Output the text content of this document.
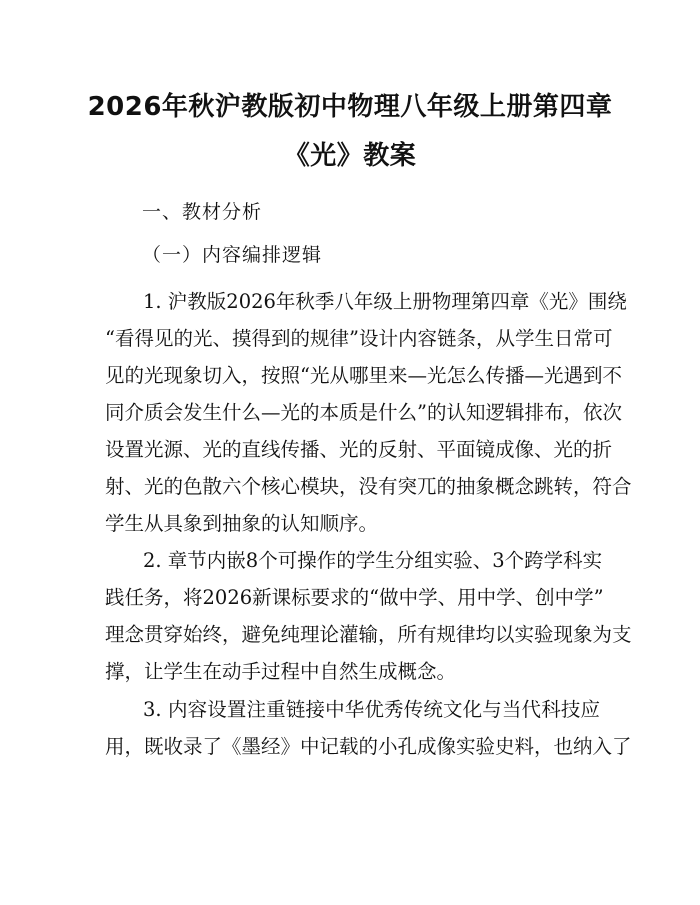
2026年秋沪教版初中物理八年级上册第四章
《光》教案
一、教材分析
（一）内容编排逻辑
1. 沪教版2026年秋季八年级上册物理第四章《光》围绕
“看得见的光、摸得到的规律”设计内容链条，从学生日常可
见的光现象切入，按照“光从哪里来—光怎么传播—光遇到不
同介质会发生什么—光的本质是什么”的认知逻辑排布，依次
设置光源、光的直线传播、光的反射、平面镜成像、光的折
射、光的色散六个核心模块，没有突兀的抽象概念跳转，符合
学生从具象到抽象的认知顺序。
2. 章节内嵌8个可操作的学生分组实验、3个跨学科实
践任务，将2026新课标要求的“做中学、用中学、创中学”
理念贯穿始终，避免纯理论灌输，所有规律均以实验现象为支
撑，让学生在动手过程中自然生成概念。
3. 内容设置注重链接中华优秀传统文化与当代科技应
用，既收录了《墨经》中记载的小孔成像实验史料，也纳入了
